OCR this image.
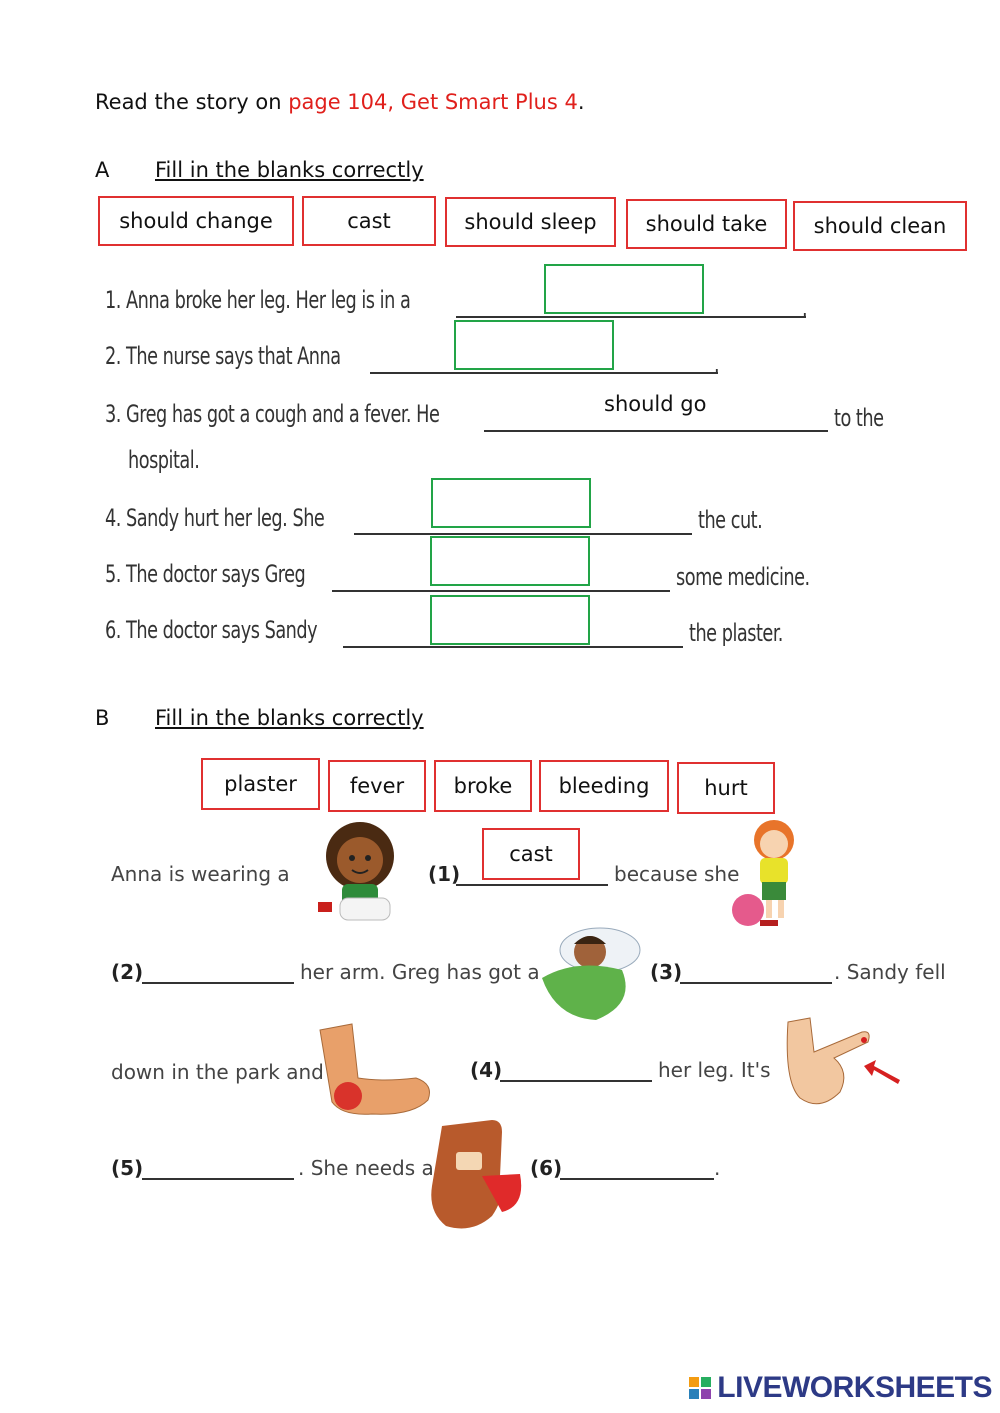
Read the story on page 104, Get Smart Plus 4.
A Fill in the blanks correctly
should change	cast	should sleep	should take	should clean
1. Anna broke her leg. Her leg is in a	.
2. The nurse says that Anna	.
3. Greg has got a cough and a fever. He	to the
hospital.
should go
4. Sandy hurt her leg. She	the cut.
5. The doctor says Greg	some medicine.
6. The doctor says Sandy	the plaster.
B Fill in the blanks correctly
plaster	fever	broke	bleeding	hurt
Anna is wearing a	(1)
cast
because she
(2)	her arm. Greg has got a	(3)	. Sandy fell
down in the park and	(4)	her leg. It's
(5)	. She needs a	(6)	.
LIVEWORKSHEETS
